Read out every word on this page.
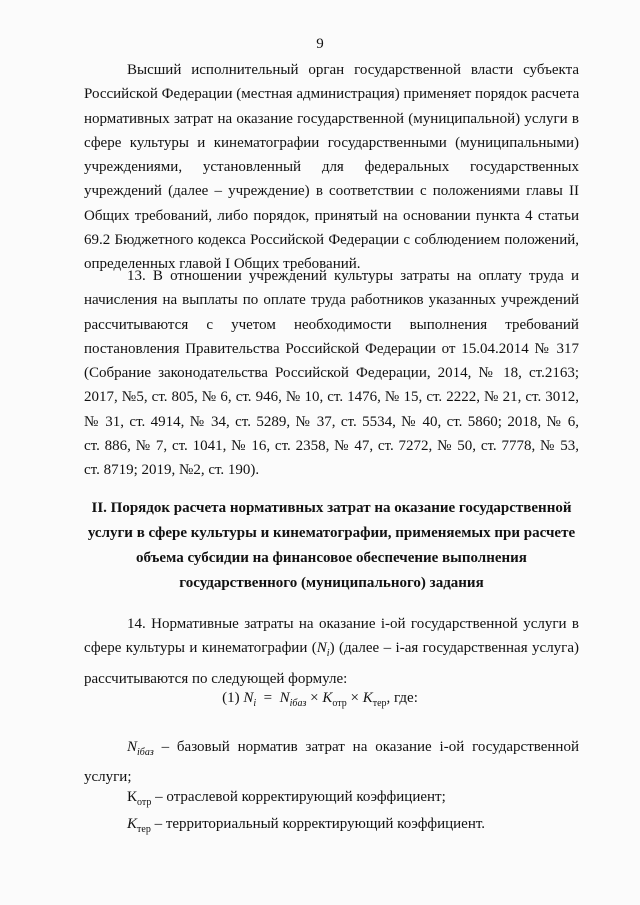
9
Высший исполнительный орган государственной власти субъекта
Российской Федерации (местная администрация) применяет порядок расчета
нормативных затрат на оказание государственной (муниципальной) услуги в
сфере культуры и кинематографии государственными (муниципальными)
учреждениями, установленный для федеральных государственных
учреждений (далее – учреждение) в соответствии с положениями главы II
Общих требований, либо порядок, принятый на основании пункта 4 статьи
69.2 Бюджетного кодекса Российской Федерации с соблюдением положений,
определенных главой I Общих требований.
13. В отношении учреждений культуры затраты на оплату труда и
начисления на выплаты по оплате труда работников указанных учреждений
рассчитываются с учетом необходимости выполнения требований
постановления Правительства Российской Федерации от 15.04.2014 № 317
(Собрание законодательства Российской Федерации, 2014, № 18, ст.2163;
2017, №5, ст. 805, № 6, ст. 946, № 10, ст. 1476, № 15, ст. 2222, № 21, ст. 3012,
№ 31, ст. 4914, № 34, ст. 5289, № 37, ст. 5534, № 40, ст. 5860; 2018, № 6,
ст. 886, № 7, ст. 1041, № 16, ст. 2358, № 47, ст. 7272, № 50, ст. 7778, № 53,
ст. 8719; 2019, №2, ст. 190).
II. Порядок расчета нормативных затрат на оказание государственной
услуги в сфере культуры и кинематографии, применяемых при расчете
объема субсидии на финансовое обеспечение выполнения
государственного (муниципального) задания
14. Нормативные затраты на оказание i-ой государственной услуги в
сфере культуры и кинематографии $(N_i)$ (далее – i-ая государственная услуга)
рассчитываются по следующей формуле:
(1) $N_i = N_{iбаз} \times K_{отр} \times K_{тер}$, где:
$N_{iбаз}$ – базовый норматив затрат на оказание i-ой государственной
услуги;
$К_{отр}$ – отраслевой корректирующий коэффициент;
$K_{тер}$ – территориальный корректирующий коэффициент.
